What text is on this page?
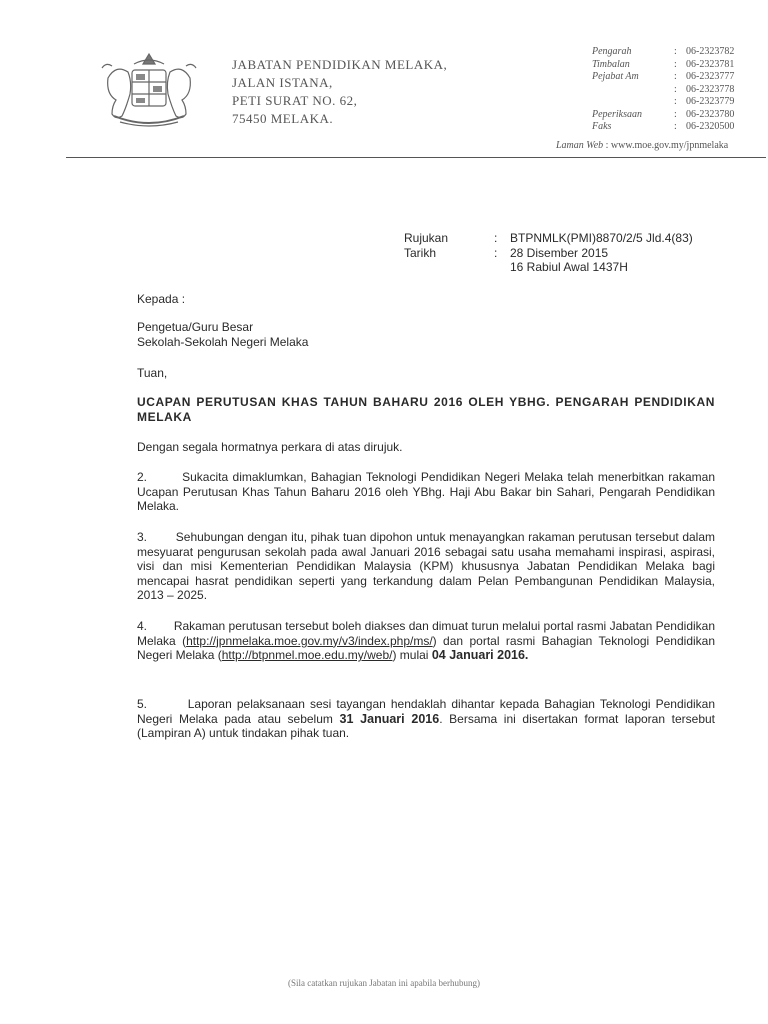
JABATAN PENDIDIKAN MELAKA,
JALAN ISTANA,
PETI SURAT NO. 62,
75450 MELAKA.
Pengarah	: 06-2323782
Timbalan	: 06-2323781
Pejabat Am	: 06-2323777
: 06-2323778
: 06-2323779
Peperiksaan	: 06-2323780
Faks	: 06-2320500
Laman Web : www.moe.gov.my/jpnmelaka
Rujukan	:	BTPNMLK(PMI)8870/2/5 Jld.4(83)
Tarikh	:	28 Disember 2015
16 Rabiul Awal 1437H
Kepada :
Pengetua/Guru Besar
Sekolah-Sekolah Negeri Melaka
Tuan,
UCAPAN PERUTUSAN KHAS TAHUN BAHARU 2016 OLEH YBHG. PENGARAH PENDIDIKAN MELAKA
Dengan segala hormatnya perkara di atas dirujuk.
2.	Sukacita dimaklumkan, Bahagian Teknologi Pendidikan Negeri Melaka telah menerbitkan rakaman Ucapan Perutusan Khas Tahun Baharu 2016 oleh YBhg. Haji Abu Bakar bin Sahari, Pengarah Pendidikan Melaka.
3. Sehubungan dengan itu, pihak tuan dipohon untuk menayangkan rakaman perutusan tersebut dalam mesyuarat pengurusan sekolah pada awal Januari 2016 sebagai satu usaha memahami inspirasi, aspirasi, visi dan misi Kementerian Pendidikan Malaysia (KPM) khususnya Jabatan Pendidikan Melaka bagi mencapai hasrat pendidikan seperti yang terkandung dalam Pelan Pembangunan Pendidikan Malaysia, 2013 – 2025.
4. Rakaman perutusan tersebut boleh diakses dan dimuat turun melalui portal rasmi Jabatan Pendidikan Melaka (http://jpnmelaka.moe.gov.my/v3/index.php/ms/) dan portal rasmi Bahagian Teknologi Pendidikan Negeri Melaka (http://btpnmel.moe.edu.my/web/) mulai 04 Januari 2016.
5.	Laporan pelaksanaan sesi tayangan hendaklah dihantar kepada Bahagian Teknologi Pendidikan Negeri Melaka pada atau sebelum 31 Januari 2016. Bersama ini disertakan format laporan tersebut (Lampiran A) untuk tindakan pihak tuan.
(Sila catatkan rujukan Jabatan ini apabila berhubung)
